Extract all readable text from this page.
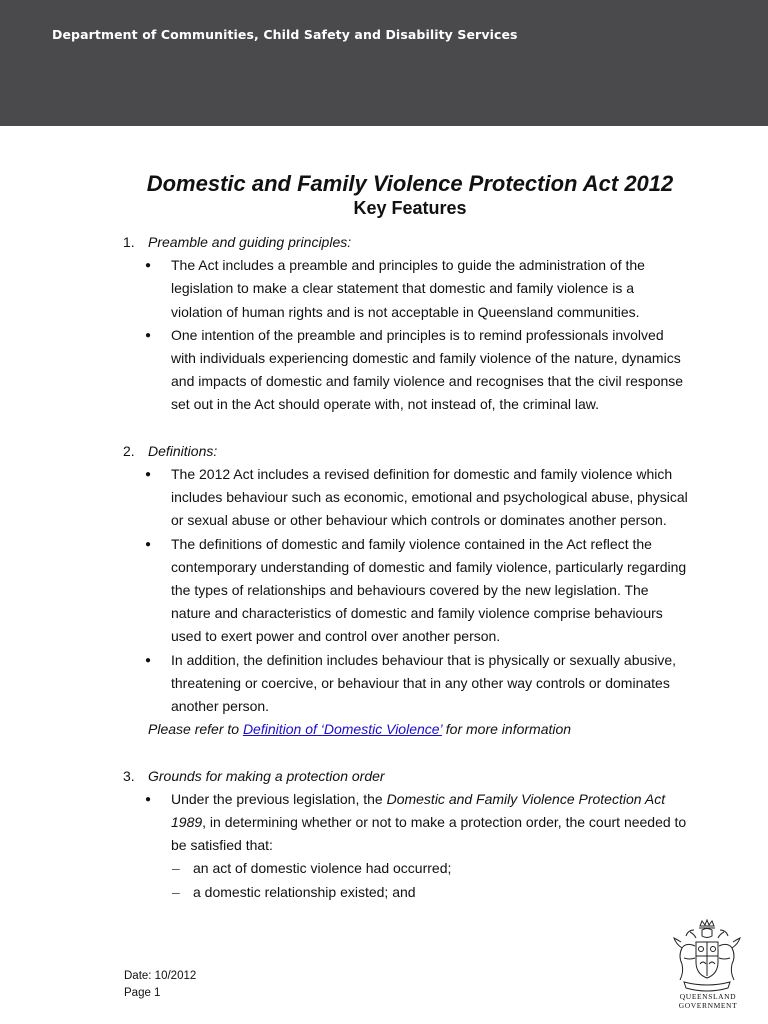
Department of Communities, Child Safety and Disability Services
Domestic and Family Violence Protection Act 2012
Key Features
1. Preamble and guiding principles:
● The Act includes a preamble and principles to guide the administration of the
legislation to make a clear statement that domestic and family violence is a
violation of human rights and is not acceptable in Queensland communities.
● One intention of the preamble and principles is to remind professionals involved
with individuals experiencing domestic and family violence of the nature, dynamics
and impacts of domestic and family violence and recognises that the civil response
set out in the Act should operate with, not instead of, the criminal law.
2. Definitions:
● The 2012 Act includes a revised definition for domestic and family violence which
includes behaviour such as economic, emotional and psychological abuse, physical
or sexual abuse or other behaviour which controls or dominates another person.
● The definitions of domestic and family violence contained in the Act reflect the
contemporary understanding of domestic and family violence, particularly regarding
the types of relationships and behaviours covered by the new legislation. The
nature and characteristics of domestic and family violence comprise behaviours
used to exert power and control over another person.
● In addition, the definition includes behaviour that is physically or sexually abusive,
threatening or coercive, or behaviour that in any other way controls or dominates
another person.
Please refer to Definition of ‘Domestic Violence’ for more information
3. Grounds for making a protection order
● Under the previous legislation, the Domestic and Family Violence Protection Act
1989, in determining whether or not to make a protection order, the court needed to
be satisfied that:
– an act of domestic violence had occurred;
– a domestic relationship existed; and
Date: 10/2012
Page 1	QUEENSLAND
GOVERNMENT
